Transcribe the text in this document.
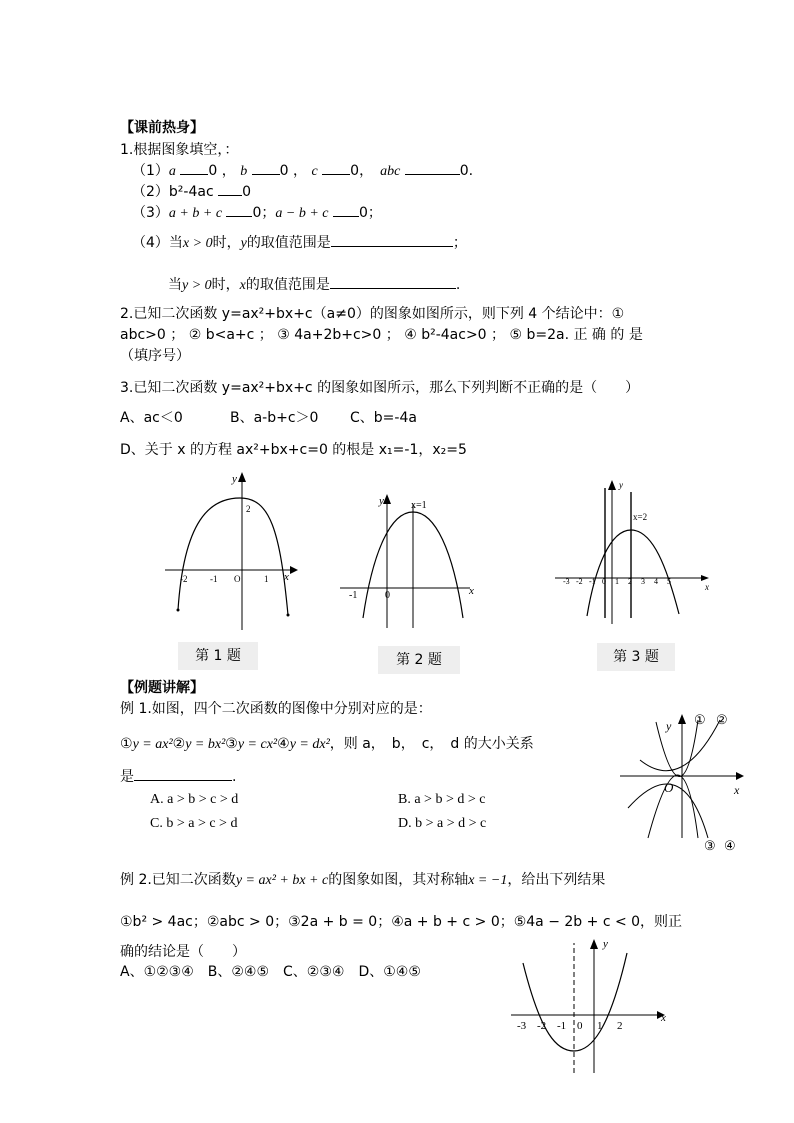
【课前热身】
1.根据图象填空，：
（1）a 0 ， b 0 ， c 0，　abc	0.
（2）b²-4ac 0
（3）a + b + c 0；a − b + c 0；
（4）当x > 0时，y的取值范围是	；
当y > 0时，x的取值范围是	.
2.已知二次函数 y=ax²+bx+c（a≠0）的图象如图所示，则下列 4 个结论中：①
abc>0 ； ② b<a+c ； ③ 4a+2b+c>0 ； ④ b²-4ac>0 ； ⑤ b=2a. 正 确 的 是
（填序号）
3.已知二次函数 y=ax²+bx+c 的图象如图所示，那么下列判断不正确的是（　　）
A、ac＜0	B、a-b+c＞0 C、b=-4a
D、关于 x 的方程 ax²+bx+c=0 的根是 x₁=-1，x₂=5
y
x
O
2
-2	-1	1
第 1 题
y
x
0
x=1
-1
第 2 题
y
x
x=2
-3 -2 -1 0 1 2 3 4 5
第 3 题
【例题讲解】
例 1.如图，四个二次函数的图像中分别对应的是：
①y = ax²②y = bx²③y = cx²④y = dx²，则 a，　b，　c，　d 的大小关系
是	.
A. a > b > c > d	B. a > b > d > c
C. b > a > c > d	D. b > a > d > c
y
x
O
① ②
③ ④
例 2.已知二次函数y = ax² + bx + c的图象如图，其对称轴x = −1，给出下列结果
①b² > 4ac；②abc > 0；③2a + b = 0；④a + b + c > 0；⑤4a − 2b + c < 0，则正
确的结论是（　　）
A、①②③④　B、②④⑤　C、②③④　D、①④⑤
y
x
-3 -2 -1 0 1 2
